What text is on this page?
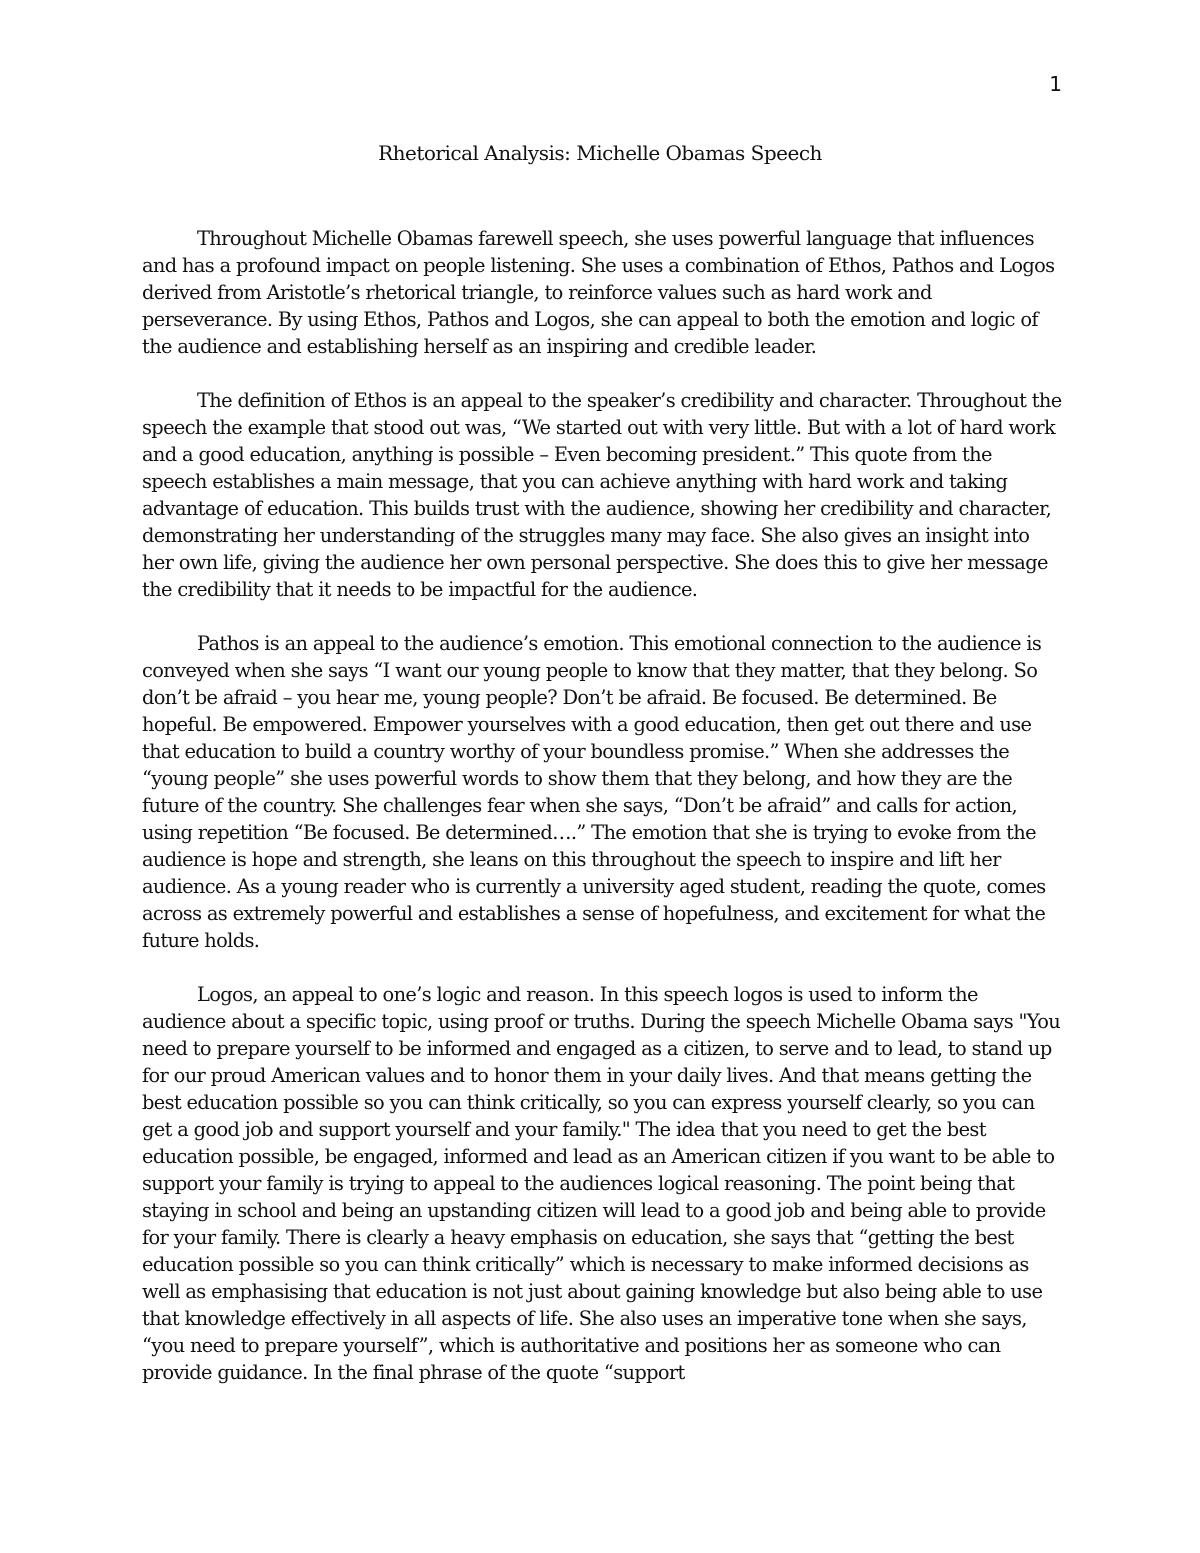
1
Rhetorical Analysis: Michelle Obamas Speech

Throughout Michelle Obamas farewell speech, she uses powerful language that influences and has a profound impact on people listening. She uses a combination of Ethos, Pathos and Logos derived from Aristotle’s rhetorical triangle, to reinforce values such as hard work and perseverance. By using Ethos, Pathos and Logos, she can appeal to both the emotion and logic of the audience and establishing herself as an inspiring and credible leader.

The definition of Ethos is an appeal to the speaker’s credibility and character. Throughout the speech the example that stood out was, “We started out with very little. But with a lot of hard work and a good education, anything is possible – Even becoming president.” This quote from the speech establishes a main message, that you can achieve anything with hard work and taking advantage of education. This builds trust with the audience, showing her credibility and character, demonstrating her understanding of the struggles many may face. She also gives an insight into her own life, giving the audience her own personal perspective. She does this to give her message the credibility that it needs to be impactful for the audience.

Pathos is an appeal to the audience’s emotion. This emotional connection to the audience is conveyed when she says “I want our young people to know that they matter, that they belong. So don’t be afraid – you hear me, young people? Don’t be afraid. Be focused. Be determined. Be hopeful. Be empowered. Empower yourselves with a good education, then get out there and use that education to build a country worthy of your boundless promise.” When she addresses the “young people” she uses powerful words to show them that they belong, and how they are the future of the country. She challenges fear when she says, “Don’t be afraid” and calls for action, using repetition “Be focused. Be determined….” The emotion that she is trying to evoke from the audience is hope and strength, she leans on this throughout the speech to inspire and lift her audience. As a young reader who is currently a university aged student, reading the quote, comes across as extremely powerful and establishes a sense of hopefulness, and excitement for what the future holds.

Logos, an appeal to one’s logic and reason. In this speech logos is used to inform the audience about a specific topic, using proof or truths. During the speech Michelle Obama says "You need to prepare yourself to be informed and engaged as a citizen, to serve and to lead, to stand up for our proud American values and to honor them in your daily lives. And that means getting the best education possible so you can think critically, so you can express yourself clearly, so you can get a good job and support yourself and your family." The idea that you need to get the best education possible, be engaged, informed and lead as an American citizen if you want to be able to support your family is trying to appeal to the audiences logical reasoning. The point being that staying in school and being an upstanding citizen will lead to a good job and being able to provide for your family. There is clearly a heavy emphasis on education, she says that “getting the best education possible so you can think critically” which is necessary to make informed decisions as well as emphasising that education is not just about gaining knowledge but also being able to use that knowledge effectively in all aspects of life. She also uses an imperative tone when she says, “you need to prepare yourself”, which is authoritative and positions her as someone who can provide guidance. In the final phrase of the quote “support
